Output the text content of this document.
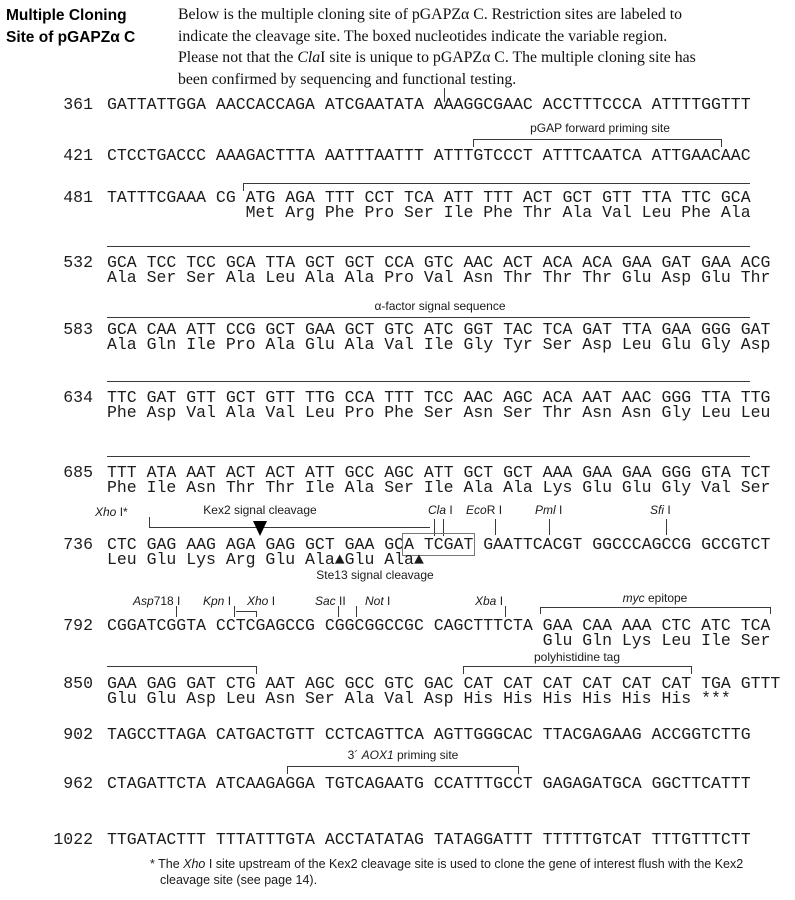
Multiple Cloning
Site of pGAPZα C
Below is the multiple cloning site of pGAPZα C. Restriction sites are labeled to
indicate the cleavage site. The boxed nucleotides indicate the variable region.
Please not that the ClaI site is unique to pGAPZα C. The multiple cloning site has
been confirmed by sequencing and functional testing.
361 GATTATTGGA AACCACCAGA ATCGAATATA AAAGGCGAAC ACCTTTCCCA ATTTTGGTTT
pGAP forward priming site
421 CTCCTGACCC AAAGACTTTA AATTTAATTT ATTTGTCCCT ATTTCAATCA ATTGAACAAC
481 TATTTCGAAA CG ATG AGA TTT CCT TCA ATT TTT ACT GCT GTT TTA TTC GCA
Met Arg Phe Pro Ser Ile Phe Thr Ala Val Leu Phe Ala
532 GCA TCC TCC GCA TTA GCT GCT CCA GTC AAC ACT ACA ACA GAA GAT GAA ACG
Ala Ser Ser Ala Leu Ala Ala Pro Val Asn Thr Thr Thr Glu Asp Glu Thr
α-factor signal sequence
583 GCA CAA ATT CCG GCT GAA GCT GTC ATC GGT TAC TCA GAT TTA GAA GGG GAT
Ala Gln Ile Pro Ala Glu Ala Val Ile Gly Tyr Ser Asp Leu Glu Gly Asp
634 TTC GAT GTT GCT GTT TTG CCA TTT TCC AAC AGC ACA AAT AAC GGG TTA TTG
Phe Asp Val Ala Val Leu Pro Phe Ser Asn Ser Thr Asn Asn Gly Leu Leu
685 TTT ATA AAT ACT ACT ATT GCC AGC ATT GCT GCT AAA GAA GAA GGG GTA TCT
Phe Ile Asn Thr Thr Ile Ala Ser Ile Ala Ala Lys Glu Glu Gly Val Ser
Xho I*	Kex2 signal cleavage	Cla I EcoR I	Pml I	Sfi I
736 CTC GAG AAG AGA GAG GCT GAA GCA TCGAT GAATTCACGT GGCCCAGCCG GCCGTCT
Leu Glu Lys Arg Glu Ala▲Glu Ala▲
Ste13 signal cleavage
Asp718 I Kpn I Xho I	Sac II Not I	Xba I	myc epitope
792 CGGATCGGTA CCTCGAGCCG CGGCGGCCGC CAGCTTTCTA GAA CAA AAA CTC ATC TCA
Glu Gln Lys Leu Ile Ser
polyhistidine tag
850 GAA GAG GAT CTG AAT AGC GCC GTC GAC CAT CAT CAT CAT CAT CAT TGA GTTT
Glu Glu Asp Leu Asn Ser Ala Val Asp His His His His His His ***
902 TAGCCTTAGA CATGACTGTT CCTCAGTTCA AGTTGGGCAC TTACGAGAAG ACCGGTCTTG
3´ AOX1 priming site
962 CTAGATTCTA ATCAAGAGGA TGTCAGAATG CCATTTGCCT GAGAGATGCA GGCTTCATTT
1022 TTGATACTTT TTTATTTGTA ACCTATATAG TATAGGATTT TTTTTGTCAT TTTGTTTCTT
* The Xho I site upstream of the Kex2 cleavage site is used to clone the gene of interest flush with the Kex2
cleavage site (see page 14).
